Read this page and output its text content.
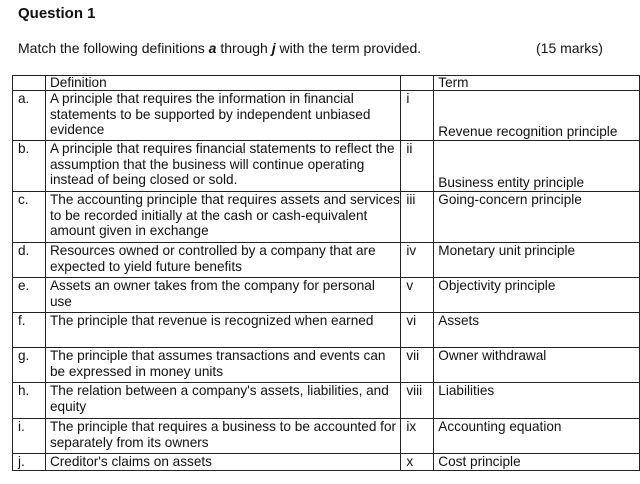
Question 1
Match the following definitions a through j with the term provided.	(15 marks)
	Definition		Term
a.	A principle that requires the information in financial statements to be supported by independent unbiased evidence	i	Revenue recognition principle
b.	A principle that requires financial statements to reflect the assumption that the business will continue operating instead of being closed or sold.	ii	Business entity principle
c.	The accounting principle that requires assets and services to be recorded initially at the cash or cash-equivalent amount given in exchange	iii	Going-concern principle
d.	Resources owned or controlled by a company that are expected to yield future benefits	iv	Monetary unit principle
e.	Assets an owner takes from the company for personal use	v	Objectivity principle
f.	The principle that revenue is recognized when earned	vi	Assets
g.	The principle that assumes transactions and events can be expressed in money units	vii	Owner withdrawal
h.	The relation between a company's assets, liabilities, and equity	viii	Liabilities
i.	The principle that requires a business to be accounted for separately from its owners	ix	Accounting equation
j.	Creditor's claims on assets	x	Cost principle
